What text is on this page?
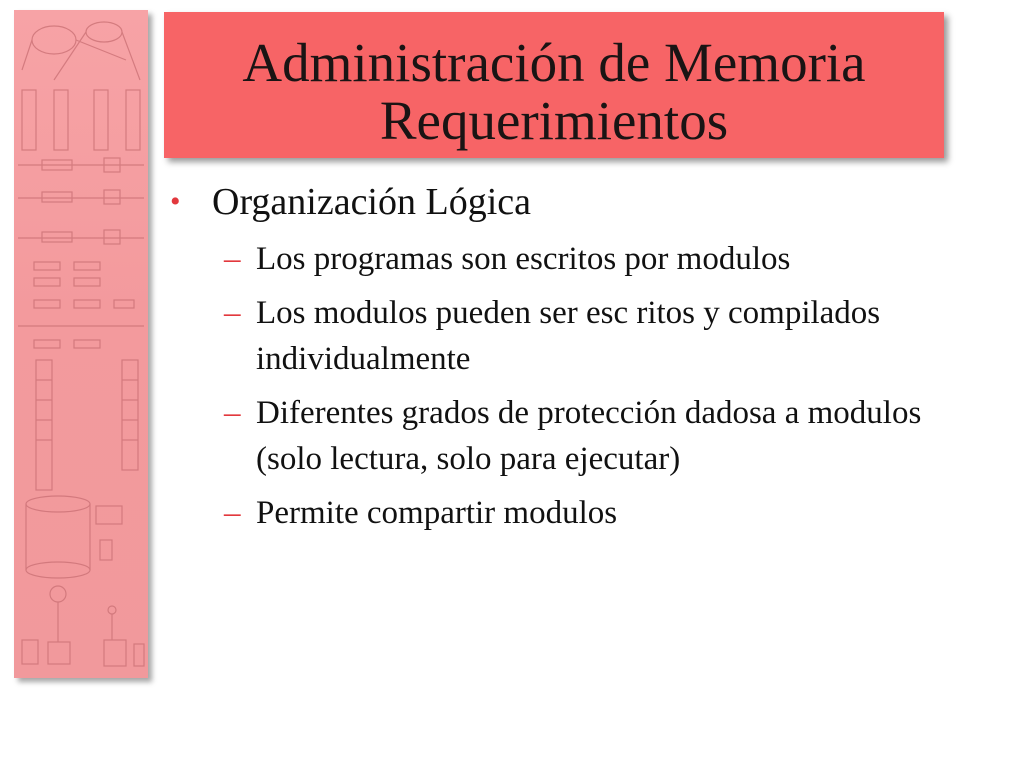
Administración de Memoria
Requerimientos
• Organización Lógica
– Los programas son escritos por modulos
– Los modulos pueden ser esc ritos y compilados individualmente
– Diferentes grados de protección dadosa a modulos (solo lectura, solo para ejecutar)
– Permite compartir modulos
